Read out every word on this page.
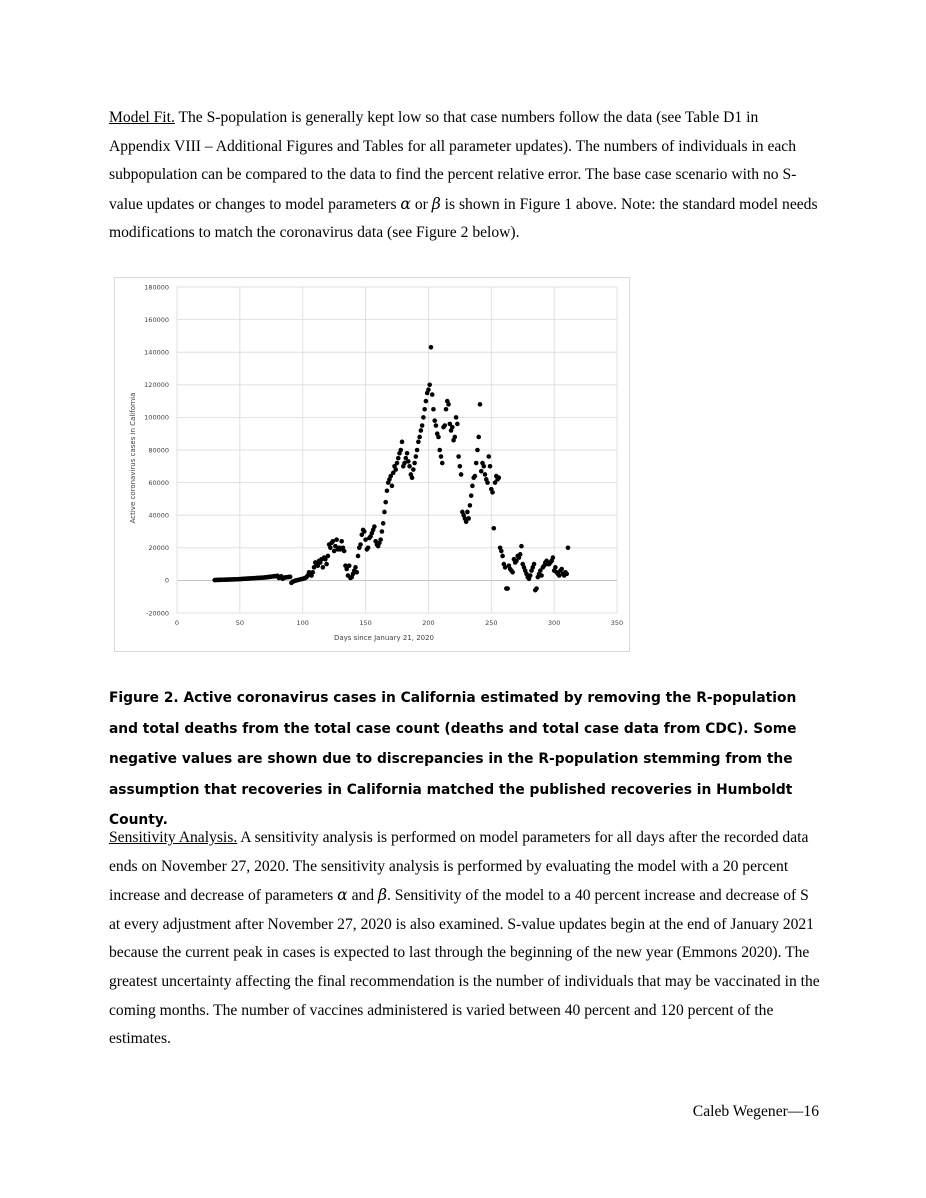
Model Fit. The S-population is generally kept low so that case numbers follow the data (see Table D1 in Appendix VIII – Additional Figures and Tables for all parameter updates). The numbers of individuals in each subpopulation can be compared to the data to find the percent relative error. The base case scenario with no S-value updates or changes to model parameters α or β is shown in Figure 1 above. Note: the standard model needs modifications to match the coronavirus data (see Figure 2 below).
-20000
0
20000
40000
60000
80000
100000
120000
140000
160000
180000
0	50	100	150	200	250	300	350
Days since January 21, 2020
Active coronavirus cases in California
Figure 2. Active coronavirus cases in California estimated by removing the R-population and total deaths from the total case count (deaths and total case data from CDC). Some negative values are shown due to discrepancies in the R-population stemming from the assumption that recoveries in California matched the published recoveries in Humboldt County.
Sensitivity Analysis. A sensitivity analysis is performed on model parameters for all days after the recorded data ends on November 27, 2020. The sensitivity analysis is performed by evaluating the model with a 20 percent increase and decrease of parameters α and β. Sensitivity of the model to a 40 percent increase and decrease of S at every adjustment after November 27, 2020 is also examined. S-value updates begin at the end of January 2021 because the current peak in cases is expected to last through the beginning of the new year (Emmons 2020). The greatest uncertainty affecting the final recommendation is the number of individuals that may be vaccinated in the coming months. The number of vaccines administered is varied between 40 percent and 120 percent of the estimates.
Caleb Wegener—16
